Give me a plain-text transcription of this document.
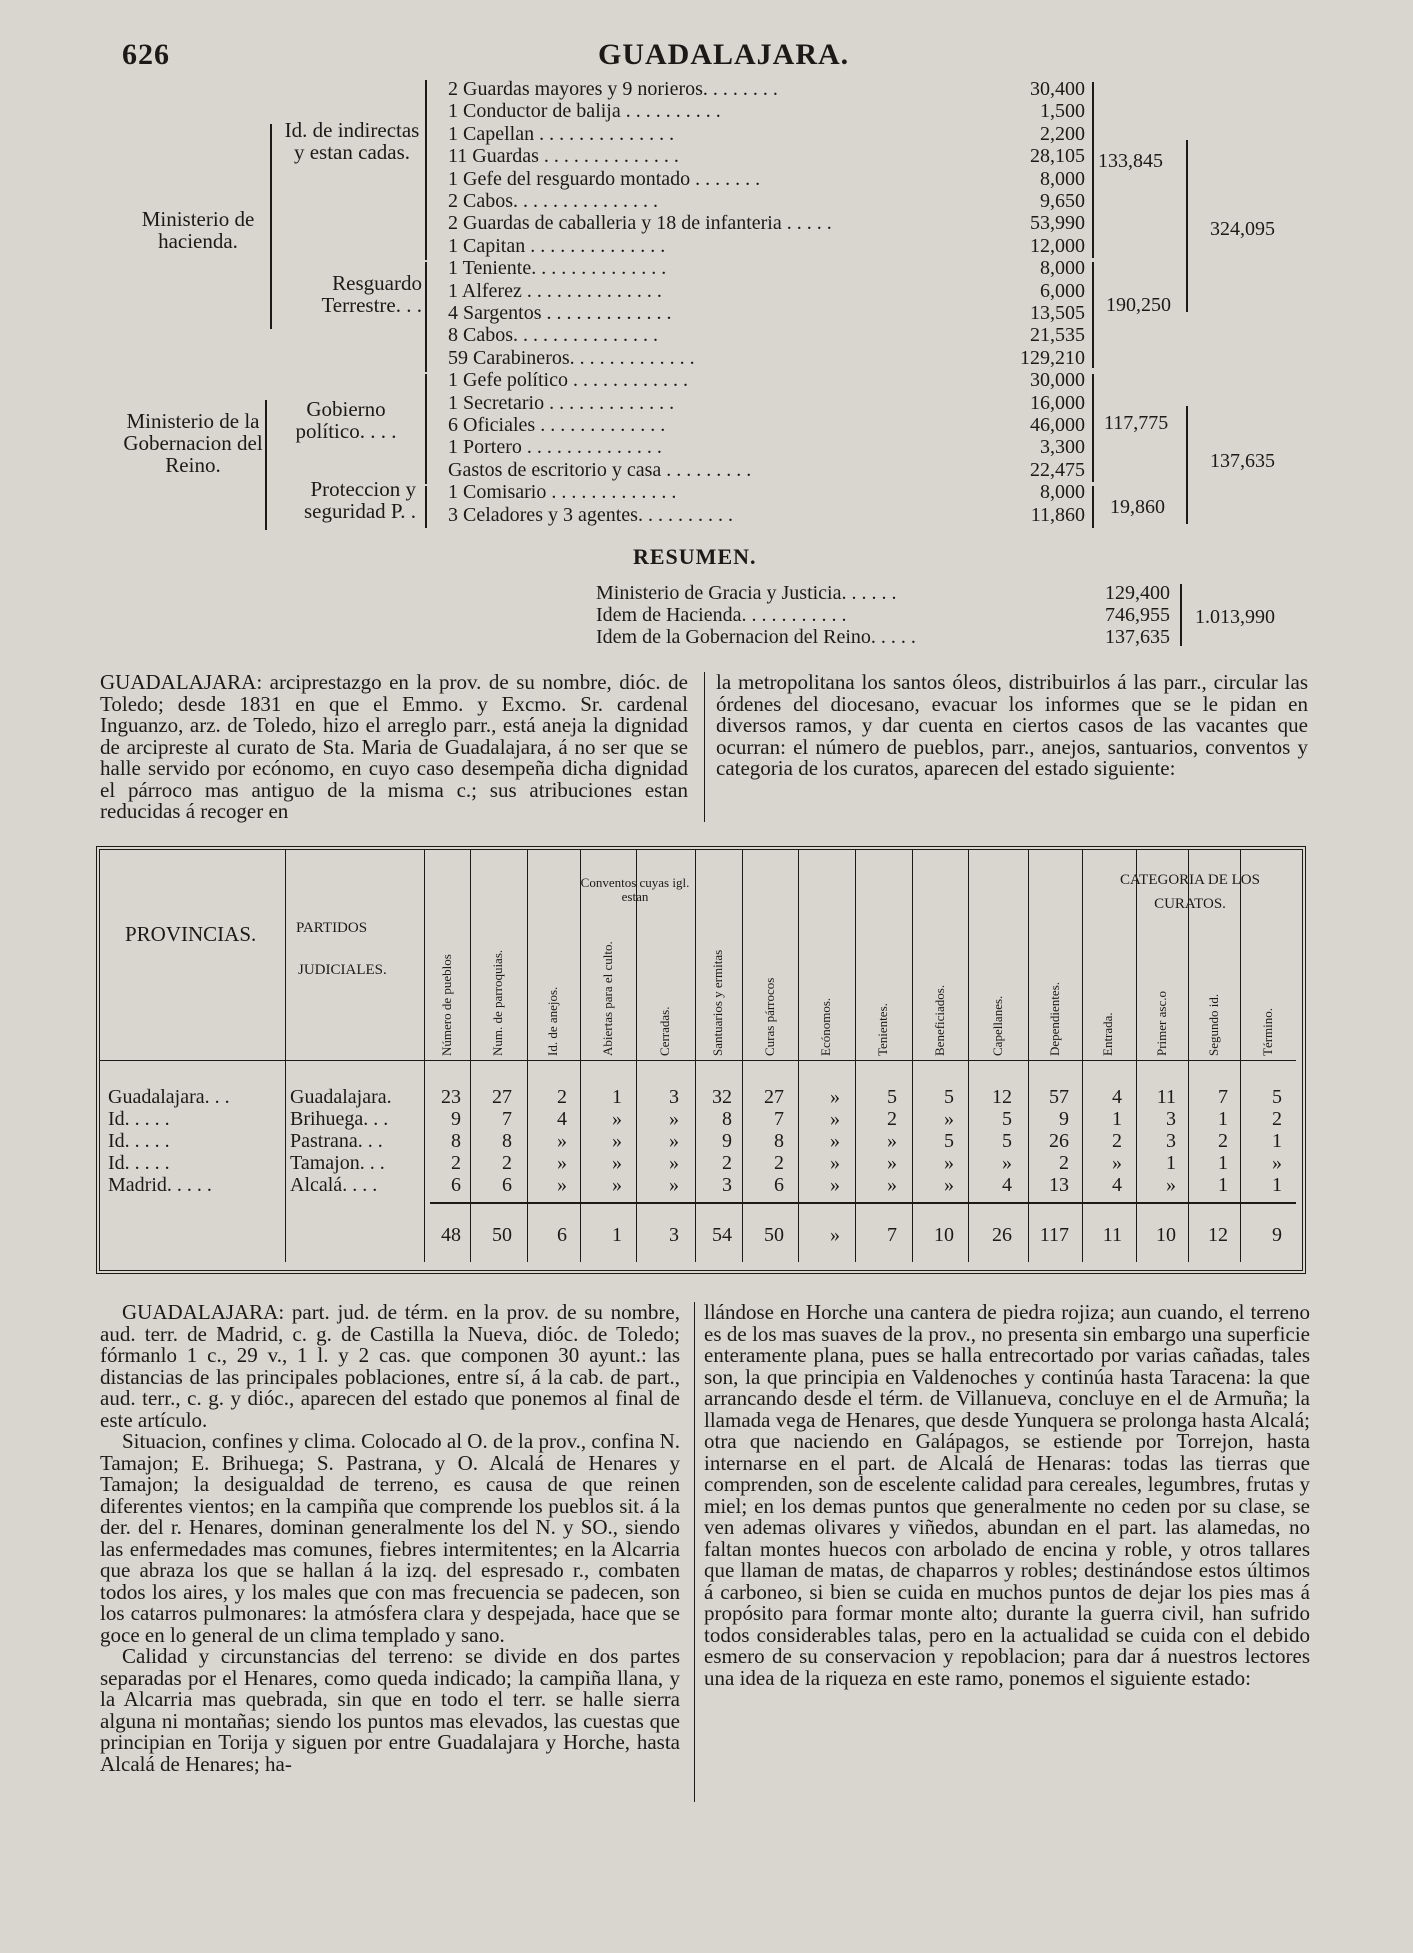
626	GUADALAJARA.
Ministerio de hacienda.
Id. de indirectas y estan cadas.
Resguardo Terrestre. . .
Ministerio de la Gobernacion del Reino.
Gobierno político. . . .
Proteccion y seguridad P. .
2 Guardas mayores y 9 norieros. . . . . . . .	30,400
1 Conductor de balija . . . . . . . . . .	1,500
1 Capellan . . . . . . . . . . . . . .	2,200
11 Guardas . . . . . . . . . . . . . .	28,105
1 Gefe del resguardo montado . . . . . . .	8,000
2 Cabos. . . . . . . . . . . . . . .	9,650
2 Guardas de caballeria y 18 de infanteria . . . . .	53,990
1 Capitan . . . . . . . . . . . . . .	12,000
1 Teniente. . . . . . . . . . . . . .	8,000
1 Alferez . . . . . . . . . . . . . .	6,000
4 Sargentos . . . . . . . . . . . . .	13,505
8 Cabos. . . . . . . . . . . . . . .	21,535
59 Carabineros. . . . . . . . . . . . .	129,210
1 Gefe político . . . . . . . . . . . .	30,000
1 Secretario . . . . . . . . . . . . .	16,000
6 Oficiales . . . . . . . . . . . . .	46,000
1 Portero . . . . . . . . . . . . . .	3,300
Gastos de escritorio y casa . . . . . . . . .	22,475
1 Comisario . . . . . . . . . . . . .	8,000
3 Celadores y 3 agentes. . . . . . . . . .	11,860
133,845
190,250
324,095
117,775
19,860
137,635
RESUMEN.
Ministerio de Gracia y Justicia. . . . . .	129,400
Idem de Hacienda. . . . . . . . . . .	746,955
Idem de la Gobernacion del Reino. . . . .	137,635
1.013,990

GUADALAJARA: arciprestazgo en la prov. de su nombre, dióc. de Toledo; desde 1831 en que el Emmo. y Excmo. Sr. cardenal Inguanzo, arz. de Toledo, hizo el arreglo parr., está aneja la dignidad de arcipreste al curato de Sta. Maria de Guadalajara, á no ser que se halle servido por ecónomo, en cuyo caso desempeña dicha dignidad el párroco mas antiguo de la misma c.; sus atribuciones estan reducidas á recoger en

la metropolitana los santos óleos, distribuirlos á las parr., circular las órdenes del diocesano, evacuar los informes que se le pidan en diversos ramos, y dar cuenta en ciertos casos de las vacantes que ocurran: el número de pueblos, parr., anejos, santuarios, conventos y categoria de los curatos, aparecen del estado siguiente:

PROVINCIAS.	PARTIDOS
JUDICIALES.
Conventos cuyas igl. estan
CATEGORIA DE LOS CURATOS.
Número de pueblos	Num. de parroquias.	Id. de anejos.	Abiertas para el culto.	Cerradas.	Santuarios y ermitas	Curas párrocos	Ecónomos.	Tenientes.	Beneficiados.	Capellanes.	Dependientes.	Entrada.	Primer asc.o	Segundo id.	Término.
Guadalajara. . .	Guadalajara.	23	27	2	1	3	32	27	»	5	5	12	57	4	11	7	5
Id. . . . .	Brihuega. . .	9	7	4	»	»	8	7	»	2	»	5	9	1	3	1	2
Id. . . . .	Pastrana. . .	8	8	»	»	»	9	8	»	»	5	5	26	2	3	2	1
Id. . . . .	Tamajon. . .	2	2	»	»	»	2	2	»	»	»	»	2	»	1	1	»
Madrid. . . . .	Alcalá. . . .	6	6	»	»	»	3	6	»	»	»	4	13	4	»	1	1
48	50	6	1	3	54	50	»	7	10	26	117	11	10	12	9

GUADALAJARA: part. jud. de térm. en la prov. de su nombre, aud. terr. de Madrid, c. g. de Castilla la Nueva, dióc. de Toledo; fórmanlo 1 c., 29 v., 1 l. y 2 cas. que componen 30 ayunt.: las distancias de las principales poblaciones, entre sí, á la cab. de part., aud. terr., c. g. y dióc., aparecen del estado que ponemos al final de este artículo.

Situacion, confines y clima. Colocado al O. de la prov., confina N. Tamajon; E. Brihuega; S. Pastrana, y O. Alcalá de Henares y Tamajon; la desigualdad de terreno, es causa de que reinen diferentes vientos; en la campiña que comprende los pueblos sit. á la der. del r. Henares, dominan generalmente los del N. y SO., siendo las enfermedades mas comunes, fiebres intermitentes; en la Alcarria que abraza los que se hallan á la izq. del espresado r., combaten todos los aires, y los males que con mas frecuencia se padecen, son los catarros pulmonares: la atmósfera clara y despejada, hace que se goce en lo general de un clima templado y sano.

Calidad y circunstancias del terreno: se divide en dos partes separadas por el Henares, como queda indicado; la campiña llana, y la Alcarria mas quebrada, sin que en todo el terr. se halle sierra alguna ni montañas; siendo los puntos mas elevados, las cuestas que principian en Torija y siguen por entre Guadalajara y Horche, hasta Alcalá de Henares; ha-

llándose en Horche una cantera de piedra rojiza; aun cuando, el terreno es de los mas suaves de la prov., no presenta sin embargo una superficie enteramente plana, pues se halla entrecortado por varias cañadas, tales son, la que principia en Valdenoches y continúa hasta Taracena: la que arrancando desde el térm. de Villanueva, concluye en el de Armuña; la llamada vega de Henares, que desde Yunquera se prolonga hasta Alcalá; otra que naciendo en Galápagos, se estiende por Torrejon, hasta internarse en el part. de Alcalá de Henaras: todas las tierras que comprenden, son de escelente calidad para cereales, legumbres, frutas y miel; en los demas puntos que generalmente no ceden por su clase, se ven ademas olivares y viñedos, abundan en el part. las alamedas, no faltan montes huecos con arbolado de encina y roble, y otros tallares que llaman de matas, de chaparros y robles; destinándose estos últimos á carboneo, si bien se cuida en muchos puntos de dejar los pies mas á propósito para formar monte alto; durante la guerra civil, han sufrido todos considerables talas, pero en la actualidad se cuida con el debido esmero de su conservacion y repoblacion; para dar á nuestros lectores una idea de la riqueza en este ramo, ponemos el siguiente estado:
